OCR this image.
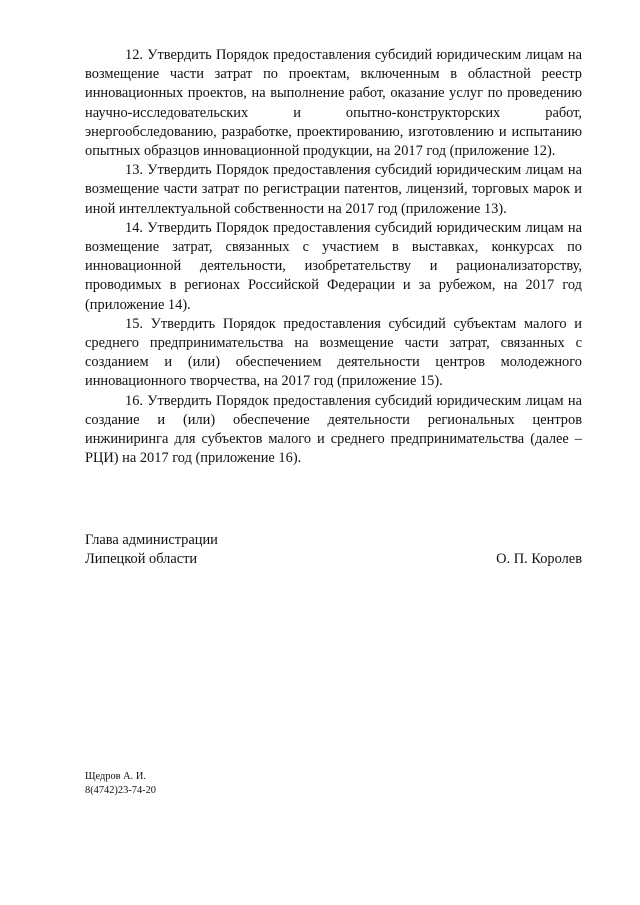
12. Утвердить Порядок предоставления субсидий юридическим лицам на возмещение части затрат по проектам, включенным в областной реестр инновационных проектов, на выполнение работ, оказание услуг по проведению научно-исследовательских и опытно-конструкторских работ, энергообследованию, разработке, проектированию, изготовлению и испытанию опытных образцов инновационной продукции, на 2017 год (приложение 12).

13. Утвердить Порядок предоставления субсидий юридическим лицам на возмещение части затрат по регистрации патентов, лицензий, торговых марок и иной интеллектуальной собственности на 2017 год (приложение 13).

14. Утвердить Порядок предоставления субсидий юридическим лицам на возмещение затрат, связанных с участием в выставках, конкурсах по инновационной деятельности, изобретательству и рационализаторству, проводимых в регионах Российской Федерации и за рубежом, на 2017 год (приложение 14).

15. Утвердить Порядок предоставления субсидий субъектам малого и среднего предпринимательства на возмещение части затрат, связанных с созданием и (или) обеспечением деятельности центров молодежного инновационного творчества, на 2017 год (приложение 15).

16. Утвердить Порядок предоставления субсидий юридическим лицам на создание и (или) обеспечение деятельности региональных центров инжиниринга для субъектов малого и среднего предпринимательства (далее – РЦИ) на 2017 год (приложение 16).

Глава администрации
Липецкой области	О. П. Королев
Щедров А. И.
8(4742)23-74-20
